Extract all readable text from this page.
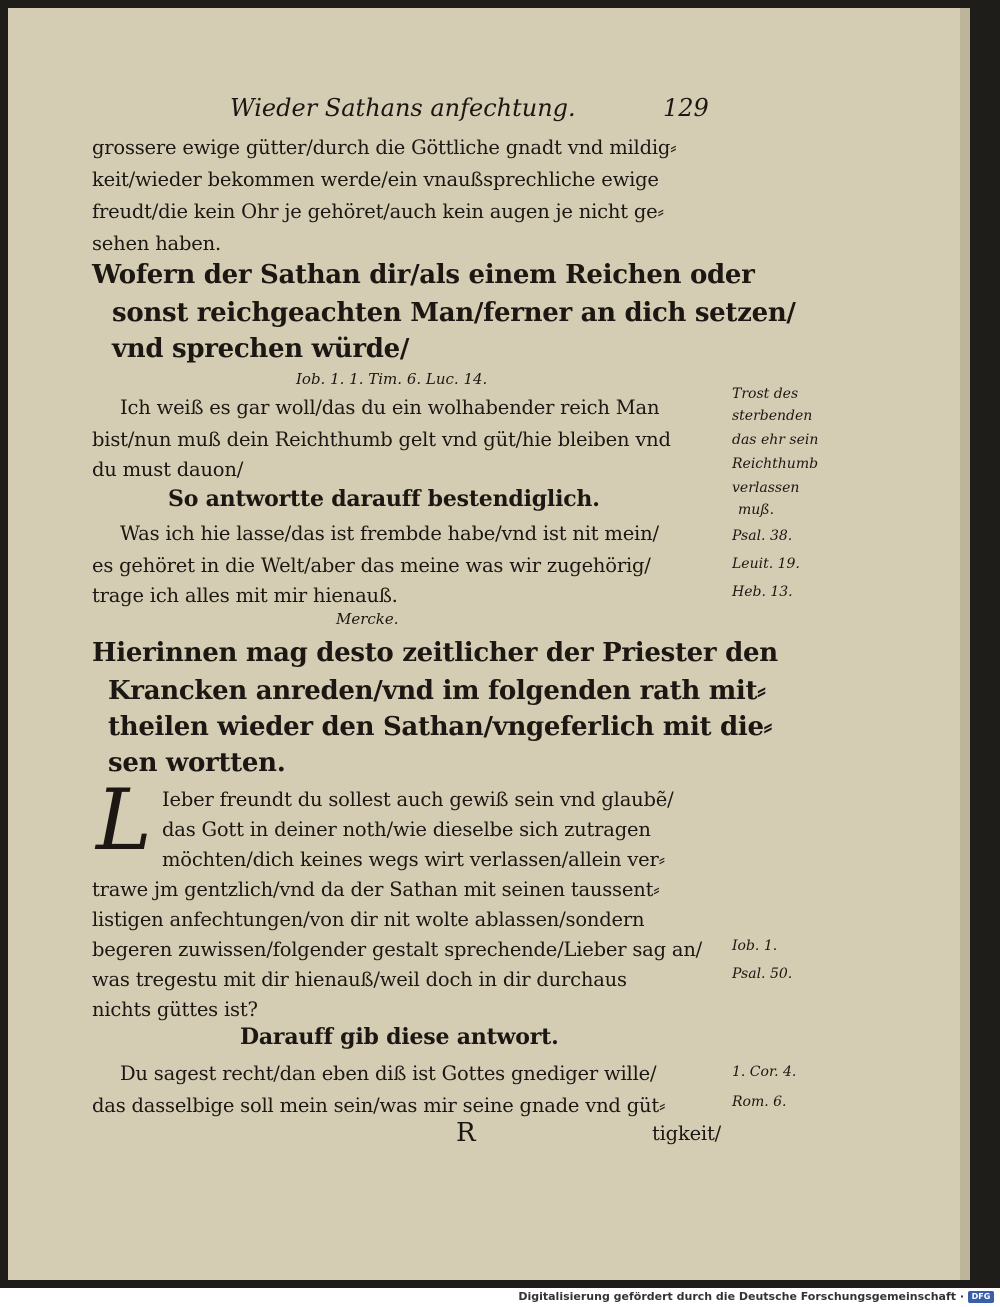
Wieder Sathans anfechtung.	129
grossere ewige gütter/durch die Göttliche gnadt vnd mildig⸗
keit/wieder bekommen werde/ein vnaußsprechliche ewige
freudt/die kein Ohr je gehöret/auch kein augen je nicht ge⸗
sehen haben.
Wofern der Sathan dir/als einem Reichen oder
sonst reichgeachten Man/ferner an dich setzen/
vnd sprechen würde/
Iob. 1. 1. Tim. 6. Luc. 14.
Ich weiß es gar woll/das du ein wolhabender reich Man
bist/nun muß dein Reichthumb gelt vnd güt/hie bleiben vnd
du must dauon/
So antwortte darauff bestendiglich.
Was ich hie lasse/das ist frembde habe/vnd ist nit mein/
es gehöret in die Welt/aber das meine was wir zugehörig/
trage ich alles mit mir hienauß.
Mercke.
Hierinnen mag desto zeitlicher der Priester den
Krancken anreden/vnd im folgenden rath mit⸗
theilen wieder den Sathan/vngeferlich mit die⸗
sen wortten.
L Ieber freundt du sollest auch gewiß sein vnd glaubẽ/
das Gott in deiner noth/wie dieselbe sich zutragen
möchten/dich keines wegs wirt verlassen/allein ver⸗
trawe jm gentzlich/vnd da der Sathan mit seinen taussent⸗
listigen anfechtungen/von dir nit wolte ablassen/sondern
begeren zuwissen/folgender gestalt sprechende/Lieber sag an/
was tregestu mit dir hienauß/weil doch in dir durchaus
nichts güttes ist?
Darauff gib diese antwort.
Du sagest recht/dan eben diß ist Gottes gnediger wille/
das dasselbige soll mein sein/was mir seine gnade vnd güt⸗
R	tigkeit/
Trost des
sterbenden
das ehr sein
Reichthumb
verlassen
muß.
Psal. 38.
Leuit. 19.
Heb. 13.
Iob. 1.
Psal. 50.
1. Cor. 4.
Rom. 6.
Digitalisierung gefördert durch die Deutsche Forschungsgemeinschaft · DFG
